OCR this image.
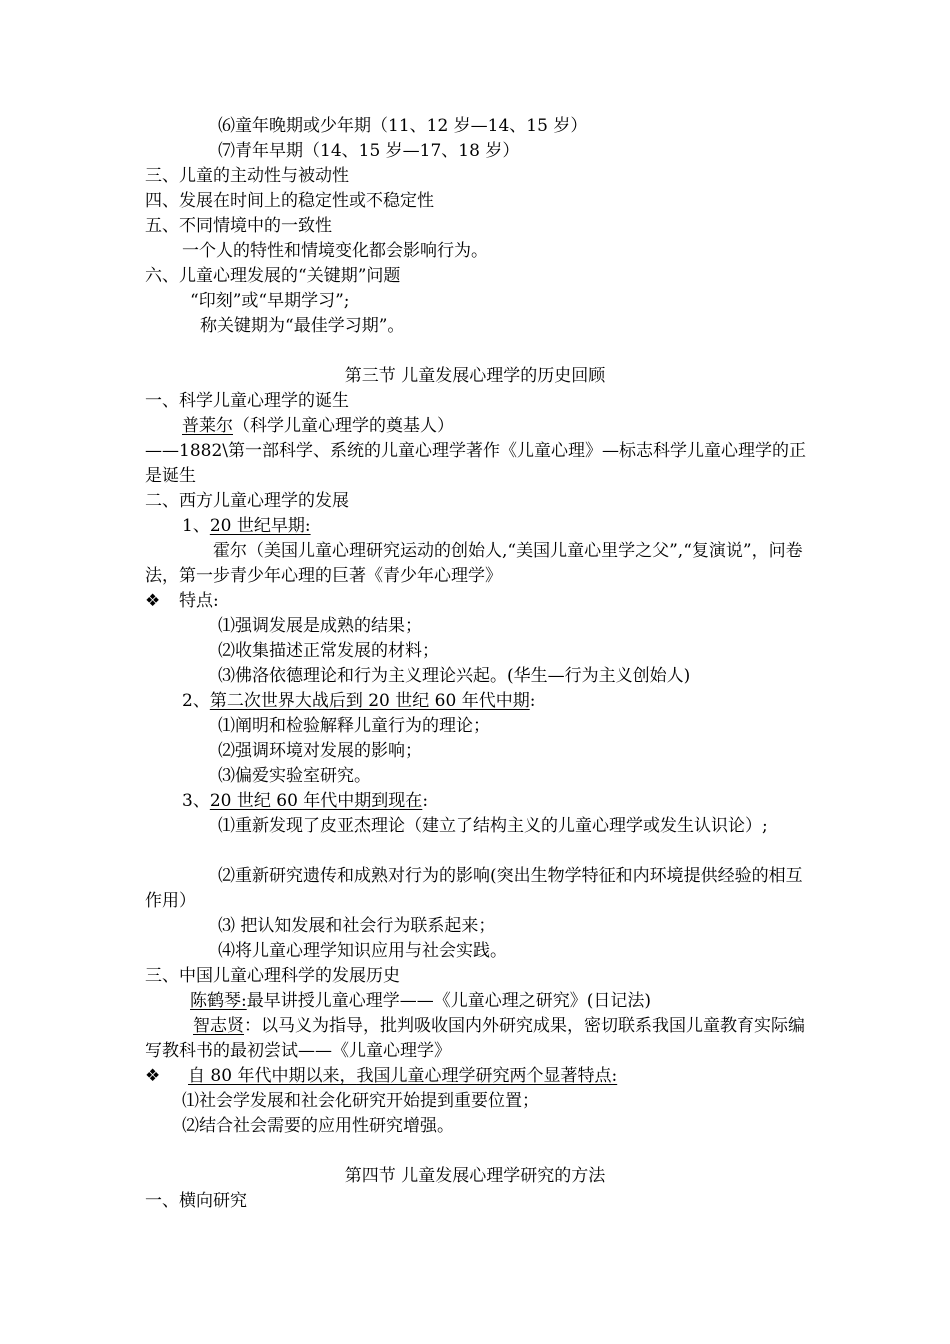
⑹童年晚期或少年期（11、12 岁—14、15 岁）
⑺青年早期（14、15 岁—17、18 岁）
三、儿童的主动性与被动性
四、发展在时间上的稳定性或不稳定性
五、不同情境中的一致性
一个人的特性和情境变化都会影响行为。
六、儿童心理发展的“关键期”问题
“印刻”或“早期学习”;
称关键期为“最佳学习期”。
第三节 儿童发展心理学的历史回顾
一、科学儿童心理学的诞生
普莱尔（科学儿童心理学的奠基人）
——1882\第一部科学、系统的儿童心理学著作《儿童心理》—标志科学儿童心理学的正是诞生
二、西方儿童心理学的发展
1、20 世纪早期:
霍尔（美国儿童心理研究运动的创始人,“美国儿童心里学之父”,“复演说”，问卷法，第一步青少年心理的巨著《青少年心理学》
❖ 特点:
⑴强调发展是成熟的结果；
⑵收集描述正常发展的材料；
⑶佛洛依德理论和行为主义理论兴起。(华生—行为主义创始人)
2、第二次世界大战后到 20 世纪 60 年代中期:
⑴阐明和检验解释儿童行为的理论；
⑵强调环境对发展的影响；
⑶偏爱实验室研究。
3、20 世纪 60 年代中期到现在:
⑴重新发现了皮亚杰理论（建立了结构主义的儿童心理学或发生认识论）;
⑵重新研究遗传和成熟对行为的影响(突出生物学特征和内环境提供经验的相互作用）
⑶ 把认知发展和社会行为联系起来；
⑷将儿童心理学知识应用与社会实践。
三、中国儿童心理科学的发展历史
陈鹤琴:最早讲授儿童心理学——《儿童心理之研究》(日记法)
智志贤：以马义为指导，批判吸收国内外研究成果，密切联系我国儿童教育实际编写教科书的最初尝试——《儿童心理学》
❖ 自 80 年代中期以来，我国儿童心理学研究两个显著特点:
⑴社会学发展和社会化研究开始提到重要位置；
⑵结合社会需要的应用性研究增强。
第四节 儿童发展心理学研究的方法
一、横向研究
